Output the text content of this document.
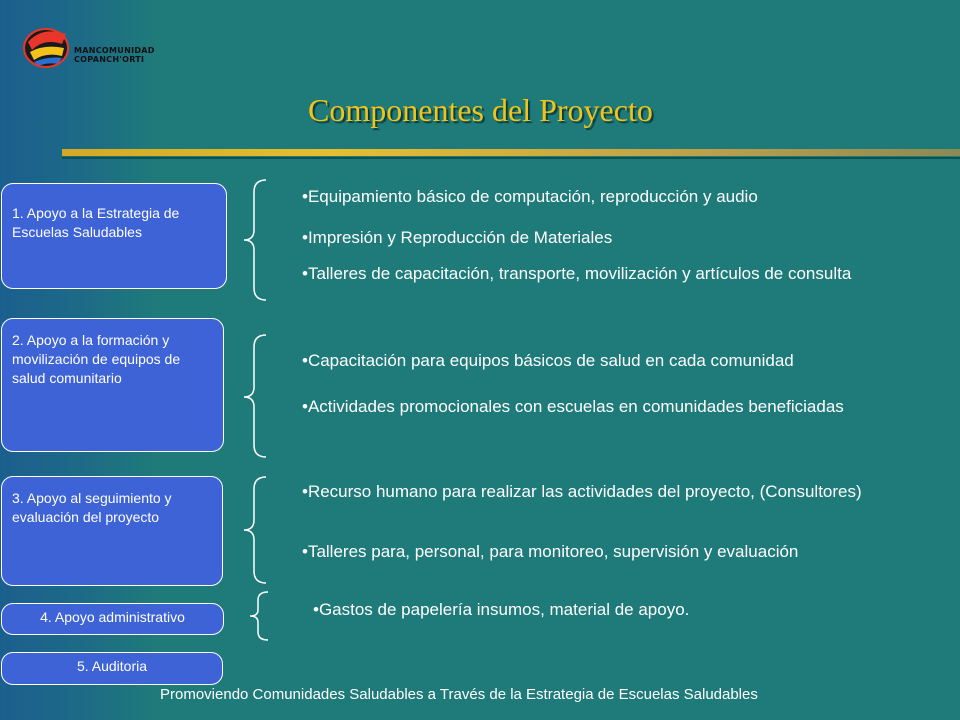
MANCOMUNIDAD
COPANCH'ORTI
Componentes del Proyecto
1. Apoyo a la Estrategia de Escuelas Saludables
2. Apoyo a la formación y movilización de equipos de salud comunitario
3. Apoyo al seguimiento y evaluación del proyecto
4. Apoyo administrativo
5. Auditoria
•Equipamiento básico de computación, reproducción y audio
•Impresión y Reproducción de Materiales
•Talleres de capacitación, transporte, movilización y artículos de consulta
•Capacitación para equipos básicos de salud en cada comunidad
•Actividades promocionales con escuelas en comunidades beneficiadas
•Recurso humano para realizar las actividades del proyecto, (Consultores)
•Talleres para, personal, para monitoreo, supervisión y evaluación
•Gastos de papelería insumos, material de apoyo.
Promoviendo Comunidades Saludables a Través de la Estrategia de Escuelas Saludables
